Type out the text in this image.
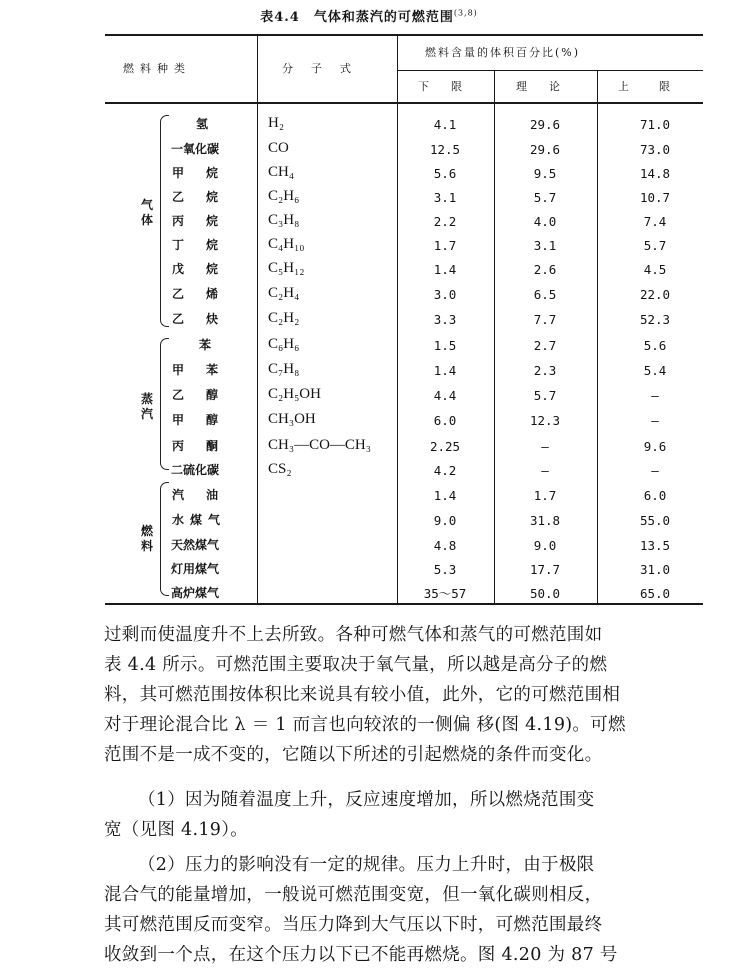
表4.4　气体和蒸汽的可燃范围$^{(3,8)}$
燃料种类	分子式
燃料含量的体积百分比(%)
下限	理论	上限
气体
蒸汽
燃料
氢	H₂	4.1	29.6	71.0
一氧化碳	CO	12.5	29.6	73.0
甲烷 CH₄	5.6	9.5	14.8
乙烷 C₂H₆	3.1	5.7	10.7
丙烷 C₃H₈	2.2	4.0	7.4
丁烷 C₄H₁₀	1.7	3.1	5.7
戊烷 C₅H₁₂	1.4	2.6	4.5
乙烯 C₂H₄	3.0	6.5	22.0
乙炔 C₂H₂	3.3	7.7	52.3
苯	C₆H₆	1.5	2.7	5.6
甲苯 C₇H₈	1.4	2.3	5.4
乙醇 C₂H₅OH	4.4	5.7	—
甲醇 CH₃OH	6.0	12.3	—
丙酮 CH₃—CO—CH₃	2.25	—	9.6
二硫化碳	CS₂	4.2	—	—
汽油	1.4	1.7	6.0
水煤气	9.0	31.8	55.0
天然煤气	4.8	9.0	13.5
灯用煤气	5.3	17.7	31.0
高炉煤气	35～57	50.0	65.0
过剩而使温度升不上去所致。各种可燃气体和蒸气的可燃范围如
表 4.4 所示。可燃范围主要取决于氧气量，所以越是高分子的燃
料，其可燃范围按体积比来说具有较小值，此外，它的可燃范围相
对于理论混合比 λ ＝ 1 而言也向较浓的一侧偏 移(图 4.19)。可燃
范围不是一成不变的，它随以下所述的引起燃烧的条件而变化。
（1）因为随着温度上升，反应速度增加，所以燃烧范围变
宽（见图 4.19）。
（2）压力的影响没有一定的规律。压力上升时，由于极限
混合气的能量增加，一般说可燃范围变宽，但一氧化碳则相反，
其可燃范围反而变窄。当压力降到大气压以下时，可燃范围最终
收敛到一个点，在这个压力以下已不能再燃烧。图 4.20 为 87 号
